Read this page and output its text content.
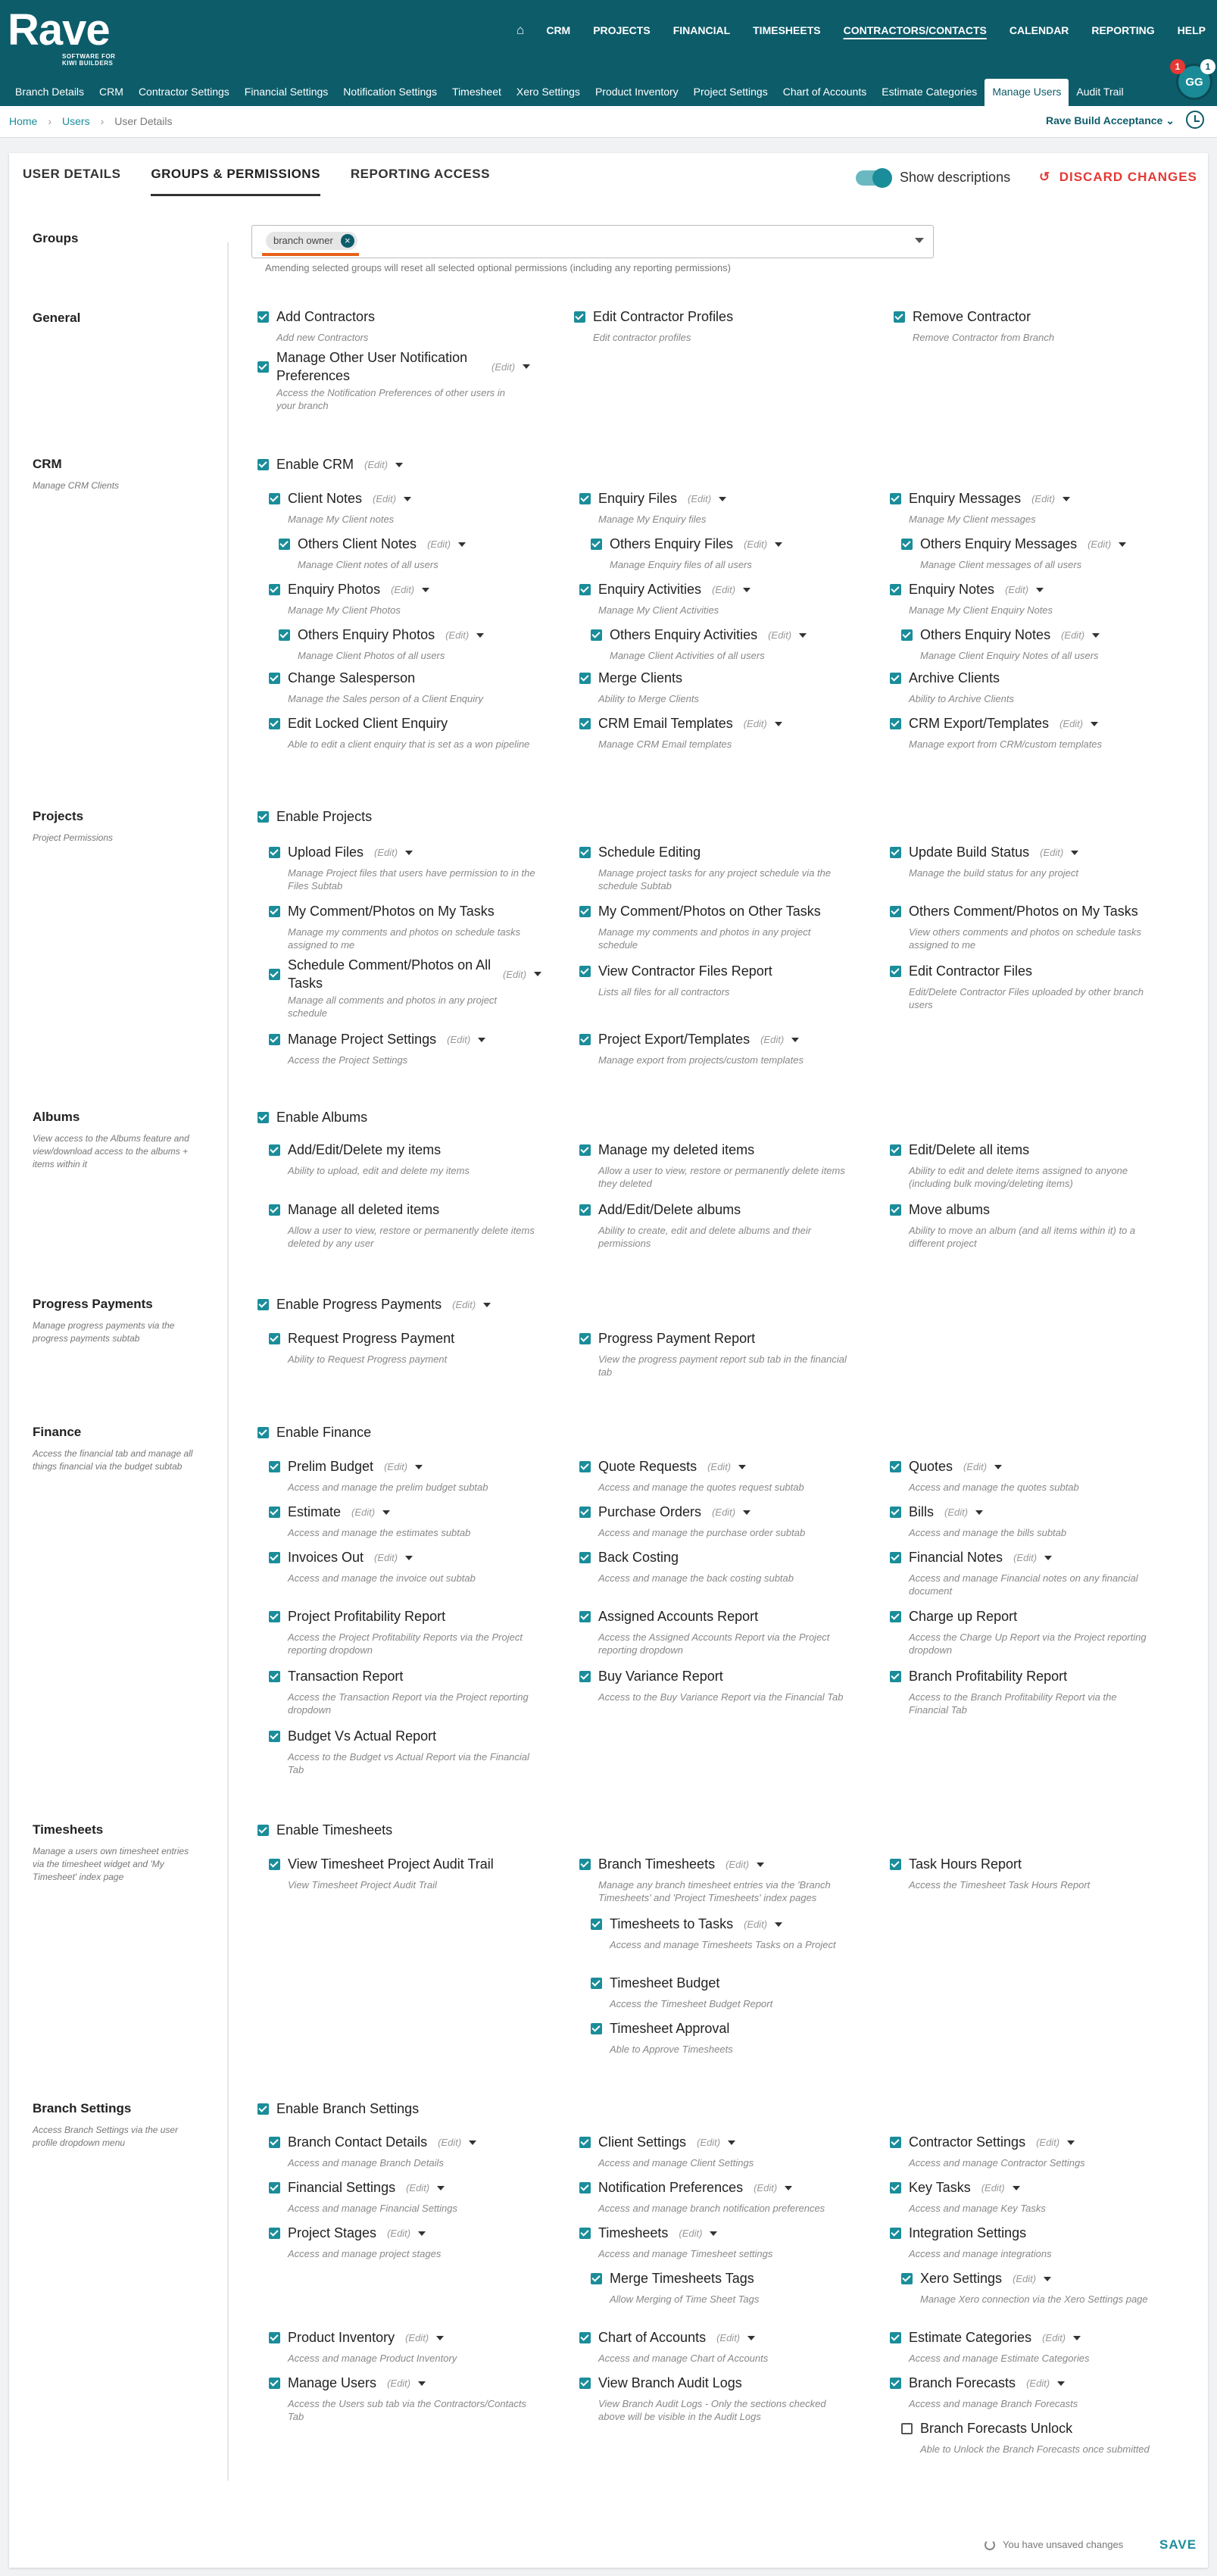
Rave
SOFTWARE FOR KIWI BUILDERS
⌂	CRM	PROJECTS	FINANCIAL	TIMESHEETS	CONTRACTORS/CONTACTS	CALENDAR	REPORTING	HELP
Branch Details	CRM	Contractor Settings	Financial Settings	Notification Settings	Timesheet	Xero Settings	Product Inventory	Project Settings	Chart of Accounts	Estimate Categories	Manage Users	Audit Trail
GG
1	1
Home › Users › User Details	Rave Build Acceptance ⌄
USER DETAILS GROUPS & PERMISSIONS REPORTING ACCESS	Show descriptions ↺ DISCARD CHANGES
Groups	branch owner	×
Amending selected groups will reset all selected optional permissions (including any reporting permissions)
General	Add Contractors
Add new Contractors
Edit Contractor Profiles
Edit contractor profiles
Remove Contractor
Remove Contractor from Branch
Manage Other User Notification Preferences
(Edit)
Access the Notification Preferences of other users in your branch
CRM
Manage CRM Clients
Enable CRM (Edit)
Client Notes (Edit)
Manage My Client notes
Enquiry Files (Edit)
Manage My Enquiry files
Enquiry Messages (Edit)
Manage My Client messages
Others Client Notes (Edit)
Manage Client notes of all users
Others Enquiry Files (Edit)
Manage Enquiry files of all users
Others Enquiry Messages (Edit)
Manage Client messages of all users
Enquiry Photos (Edit)
Manage My Client Photos
Enquiry Activities (Edit)
Manage My Client Activities
Enquiry Notes (Edit)
Manage My Client Enquiry Notes
Others Enquiry Photos (Edit)
Manage Client Photos of all users
Others Enquiry Activities (Edit)
Manage Client Activities of all users
Others Enquiry Notes (Edit)
Manage Client Enquiry Notes of all users
Change Salesperson
Manage the Sales person of a Client Enquiry
Merge Clients
Ability to Merge Clients
Archive Clients
Ability to Archive Clients
Edit Locked Client Enquiry
Able to edit a client enquiry that is set as a won pipeline
CRM Email Templates (Edit)
Manage CRM Email templates
CRM Export/Templates (Edit)
Manage export from CRM/custom templates
Projects
Project Permissions
Enable Projects
Upload Files (Edit)
Manage Project files that users have permission to in the Files Subtab
Schedule Editing
Manage project tasks for any project schedule via the schedule Subtab
Update Build Status (Edit)
Manage the build status for any project
My Comment/Photos on My Tasks
Manage my comments and photos on schedule tasks assigned to me
My Comment/Photos on Other Tasks
Manage my comments and photos in any project schedule
Others Comment/Photos on My Tasks
View others comments and photos on schedule tasks assigned to me
Schedule Comment/Photos on All Tasks
(Edit)
Manage all comments and photos in any project schedule
View Contractor Files Report
Lists all files for all contractors
Edit Contractor Files
Edit/Delete Contractor Files uploaded by other branch users
Manage Project Settings (Edit)
Access the Project Settings
Project Export/Templates (Edit)
Manage export from projects/custom templates
Albums
View access to the Albums feature and view/download access to the albums + items within it
Enable Albums
Add/Edit/Delete my items
Ability to upload, edit and delete my items
Manage my deleted items
Allow a user to view, restore or permanently delete items they deleted
Edit/Delete all items
Ability to edit and delete items assigned to anyone (including bulk moving/deleting items)
Manage all deleted items
Allow a user to view, restore or permanently delete items deleted by any user
Add/Edit/Delete albums
Ability to create, edit and delete albums and their permissions
Move albums
Ability to move an album (and all items within it) to a different project
Progress Payments
Manage progress payments via the progress payments subtab
Enable Progress Payments (Edit)
Request Progress Payment
Ability to Request Progress payment
Progress Payment Report
View the progress payment report sub tab in the financial tab
Finance
Access the financial tab and manage all things financial via the budget subtab
Enable Finance
Prelim Budget (Edit)
Access and manage the prelim budget subtab
Quote Requests (Edit)
Access and manage the quotes request subtab
Quotes (Edit)
Access and manage the quotes subtab
Estimate (Edit)
Access and manage the estimates subtab
Purchase Orders (Edit)
Access and manage the purchase order subtab
Bills (Edit)
Access and manage the bills subtab
Invoices Out (Edit)
Access and manage the invoice out subtab
Back Costing
Access and manage the back costing subtab
Financial Notes (Edit)
Access and manage Financial notes on any financial document
Project Profitability Report
Access the Project Profitability Reports via the Project reporting dropdown
Assigned Accounts Report
Access the Assigned Accounts Report via the Project reporting dropdown
Charge up Report
Access the Charge Up Report via the Project reporting dropdown
Transaction Report
Access the Transaction Report via the Project reporting dropdown
Buy Variance Report
Access to the Buy Variance Report via the Financial Tab
Branch Profitability Report
Access to the Branch Profitability Report via the Financial Tab
Budget Vs Actual Report
Access to the Budget vs Actual Report via the Financial Tab
Timesheets
Manage a users own timesheet entries via the timesheet widget and 'My Timesheet' index page
Enable Timesheets
View Timesheet Project Audit Trail
View Timesheet Project Audit Trail
Branch Timesheets (Edit)
Manage any branch timesheet entries via the 'Branch Timesheets' and 'Project Timesheets' index pages
Task Hours Report
Access the Timesheet Task Hours Report
Timesheets to Tasks (Edit)
Access and manage Timesheets Tasks on a Project
Timesheet Budget
Access the Timesheet Budget Report
Timesheet Approval
Able to Approve Timesheets
Branch Settings
Access Branch Settings via the user profile dropdown menu
Enable Branch Settings
Branch Contact Details (Edit)
Access and manage Branch Details
Client Settings (Edit)
Access and manage Client Settings
Contractor Settings (Edit)
Access and manage Contractor Settings
Financial Settings (Edit)
Access and manage Financial Settings
Notification Preferences (Edit)
Access and manage branch notification preferences
Key Tasks (Edit)
Access and manage Key Tasks
Project Stages (Edit)
Access and manage project stages
Timesheets (Edit)
Access and manage Timesheet settings
Integration Settings
Access and manage integrations
Merge Timesheets Tags
Allow Merging of Time Sheet Tags
Xero Settings (Edit)
Manage Xero connection via the Xero Settings page
Product Inventory (Edit)
Access and manage Product Inventory
Chart of Accounts (Edit)
Access and manage Chart of Accounts
Estimate Categories (Edit)
Access and manage Estimate Categories
Manage Users (Edit)
Access the Users sub tab via the Contractors/Contacts Tab
View Branch Audit Logs
View Branch Audit Logs - Only the sections checked above will be visible in the Audit Logs
Branch Forecasts (Edit)
Access and manage Branch Forecasts
Branch Forecasts Unlock
Able to Unlock the Branch Forecasts once submitted
You have unsaved changes	SAVE
